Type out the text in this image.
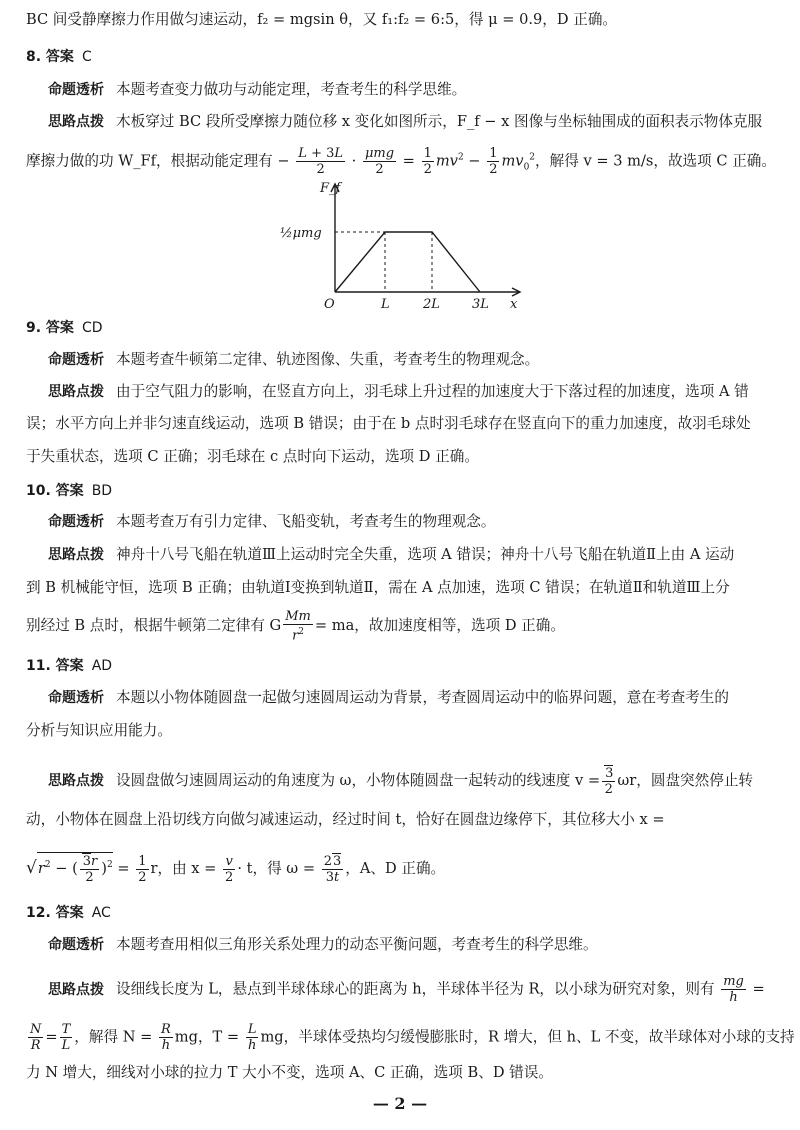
BC 间受静摩擦力作用做匀速运动，f₂ = mgsin θ，又 f₁:f₂ = 6:5，得 μ = 0.9，D 正确。
8. 答案 C
命题透析 本题考查变力做功与动能定理，考查考生的科学思维。
思路点拨 木板穿过 BC 段所受摩擦力随位移 x 变化如图所示，F_f − x 图像与坐标轴围成的面积表示物体克服
摩擦力做的功 W_Ff，根据动能定理有 − $\frac{L + 3L}{2} \cdot \frac{\text{μmg}}{2} = \frac{1}{2} mv^2 - \frac{1}{2} mv_0^2$，解得 v = 3 m/s，故选项 C 正确。
F_f
½μmg
O	L	2L 3L x
9. 答案 CD
命题透析 本题考查牛顿第二定律、轨迹图像、失重，考查考生的物理观念。
思路点拨 由于空气阻力的影响，在竖直方向上，羽毛球上升过程的加速度大于下落过程的加速度，选项 A 错
误；水平方向上并非匀速直线运动，选项 B 错误；由于在 b 点时羽毛球存在竖直向下的重力加速度，故羽毛球处
于失重状态，选项 C 正确；羽毛球在 c 点时向下运动，选项 D 正确。
10. 答案 BD
命题透析 本题考查万有引力定律、飞船变轨，考查考生的物理观念。
思路点拨 神舟十八号飞船在轨道Ⅲ上运动时完全失重，选项 A 错误；神舟十八号飞船在轨道Ⅱ上由 A 运动
到 B 机械能守恒，选项 B 正确；由轨道Ⅰ变换到轨道Ⅱ，需在 A 点加速，选项 C 错误；在轨道Ⅱ和轨道Ⅲ上分
别经过 B 点时，根据牛顿第二定律有 G $\frac{Mm}{r^2}$ = ma，故加速度相等，选项 D 正确。
11. 答案 AD
命题透析 本题以小物体随圆盘一起做匀速圆周运动为背景，考查圆周运动中的临界问题，意在考查考生的
分析与知识应用能力。
思路点拨 设圆盘做匀速圆周运动的角速度为 ω，小物体随圆盘一起转动的线速度 $v = \frac{3}{2}$ ωr，圆盘突然停止转
动，小物体在圆盘上沿切线方向做匀减速运动，经过时间 t，恰好在圆盘边缘停下，其位移大小 x =
$√r^2$ − ( $\frac{3r}{2} )^2 = \frac{1}{2}$ r，由 $x = \frac{v}{2} \cdot t$，得 $\omega = \frac{23}{3t}$ ，A、D 正确。
12. 答案 AC
命题透析 本题考查用相似三角形关系处理力的动态平衡问题，考查考生的科学思维。
思路点拨 设细线长度为 L，悬点到半球体球心的距离为 h，半球体半径为 R，以小球为研究对象，则有 $\frac{mg}{h}$ =
$\frac{N}{R} = \frac{T}{L}$ ，解得 $N = \frac{R}{h}$ mg，$T = \frac{L}{h}$ mg，半球体受热均匀缓慢膨胀时，R 增大，但 h、L 不变，故半球体对小球的支持
力 N 增大，细线对小球的拉力 T 大小不变，选项 A、C 正确，选项 B、D 错误。
— 2 —
